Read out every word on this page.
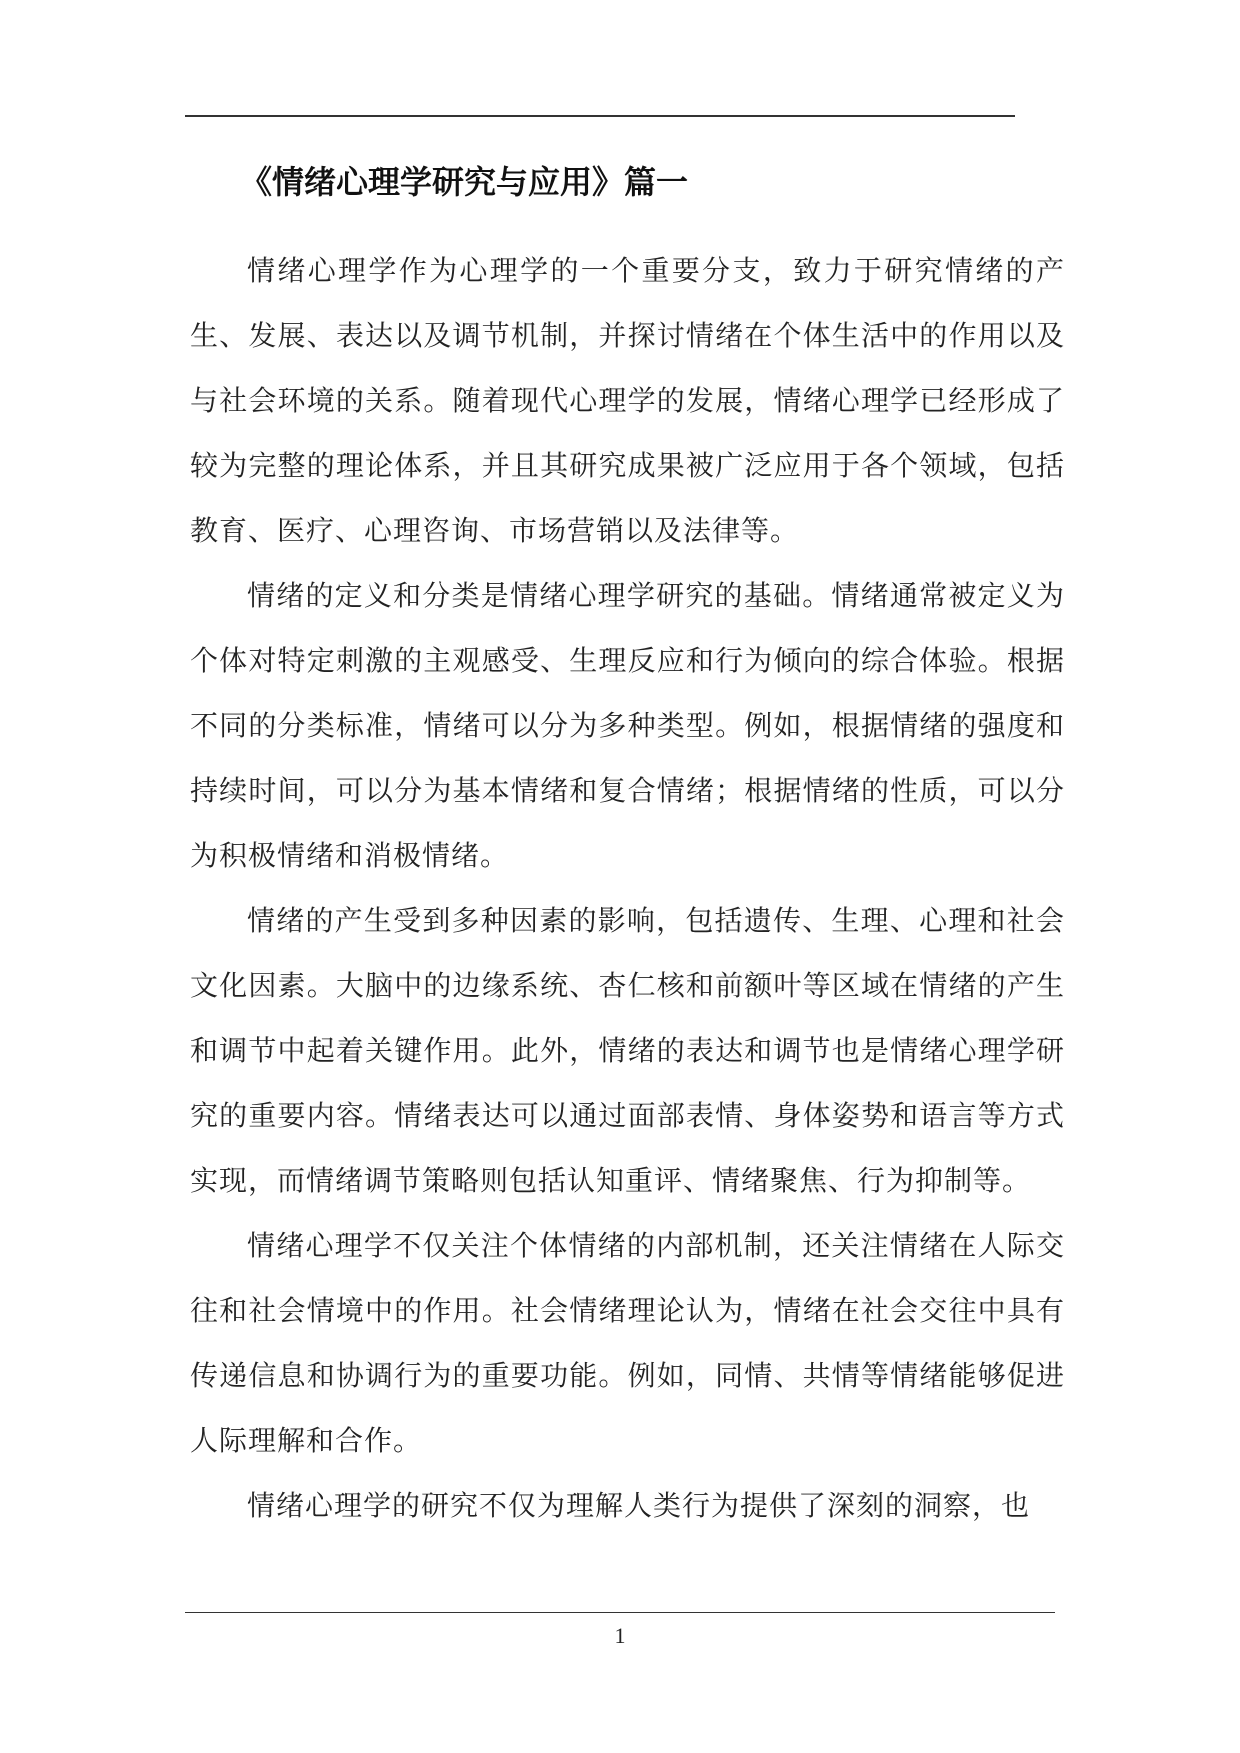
《情绪心理学研究与应用》篇一

情绪心理学作为心理学的一个重要分支，致力于研究情绪的产生、发展、表达以及调节机制，并探讨情绪在个体生活中的作用以及与社会环境的关系。随着现代心理学的发展，情绪心理学已经形成了较为完整的理论体系，并且其研究成果被广泛应用于各个领域，包括教育、医疗、心理咨询、市场营销以及法律等。

情绪的定义和分类是情绪心理学研究的基础。情绪通常被定义为个体对特定刺激的主观感受、生理反应和行为倾向的综合体验。根据不同的分类标准，情绪可以分为多种类型。例如，根据情绪的强度和持续时间，可以分为基本情绪和复合情绪；根据情绪的性质，可以分为积极情绪和消极情绪。

情绪的产生受到多种因素的影响，包括遗传、生理、心理和社会文化因素。大脑中的边缘系统、杏仁核和前额叶等区域在情绪的产生和调节中起着关键作用。此外，情绪的表达和调节也是情绪心理学研究的重要内容。情绪表达可以通过面部表情、身体姿势和语言等方式实现，而情绪调节策略则包括认知重评、情绪聚焦、行为抑制等。

情绪心理学不仅关注个体情绪的内部机制，还关注情绪在人际交往和社会情境中的作用。社会情绪理论认为，情绪在社会交往中具有传递信息和协调行为的重要功能。例如，同情、共情等情绪能够促进人际理解和合作。

情绪心理学的研究不仅为理解人类行为提供了深刻的洞察，也

1
